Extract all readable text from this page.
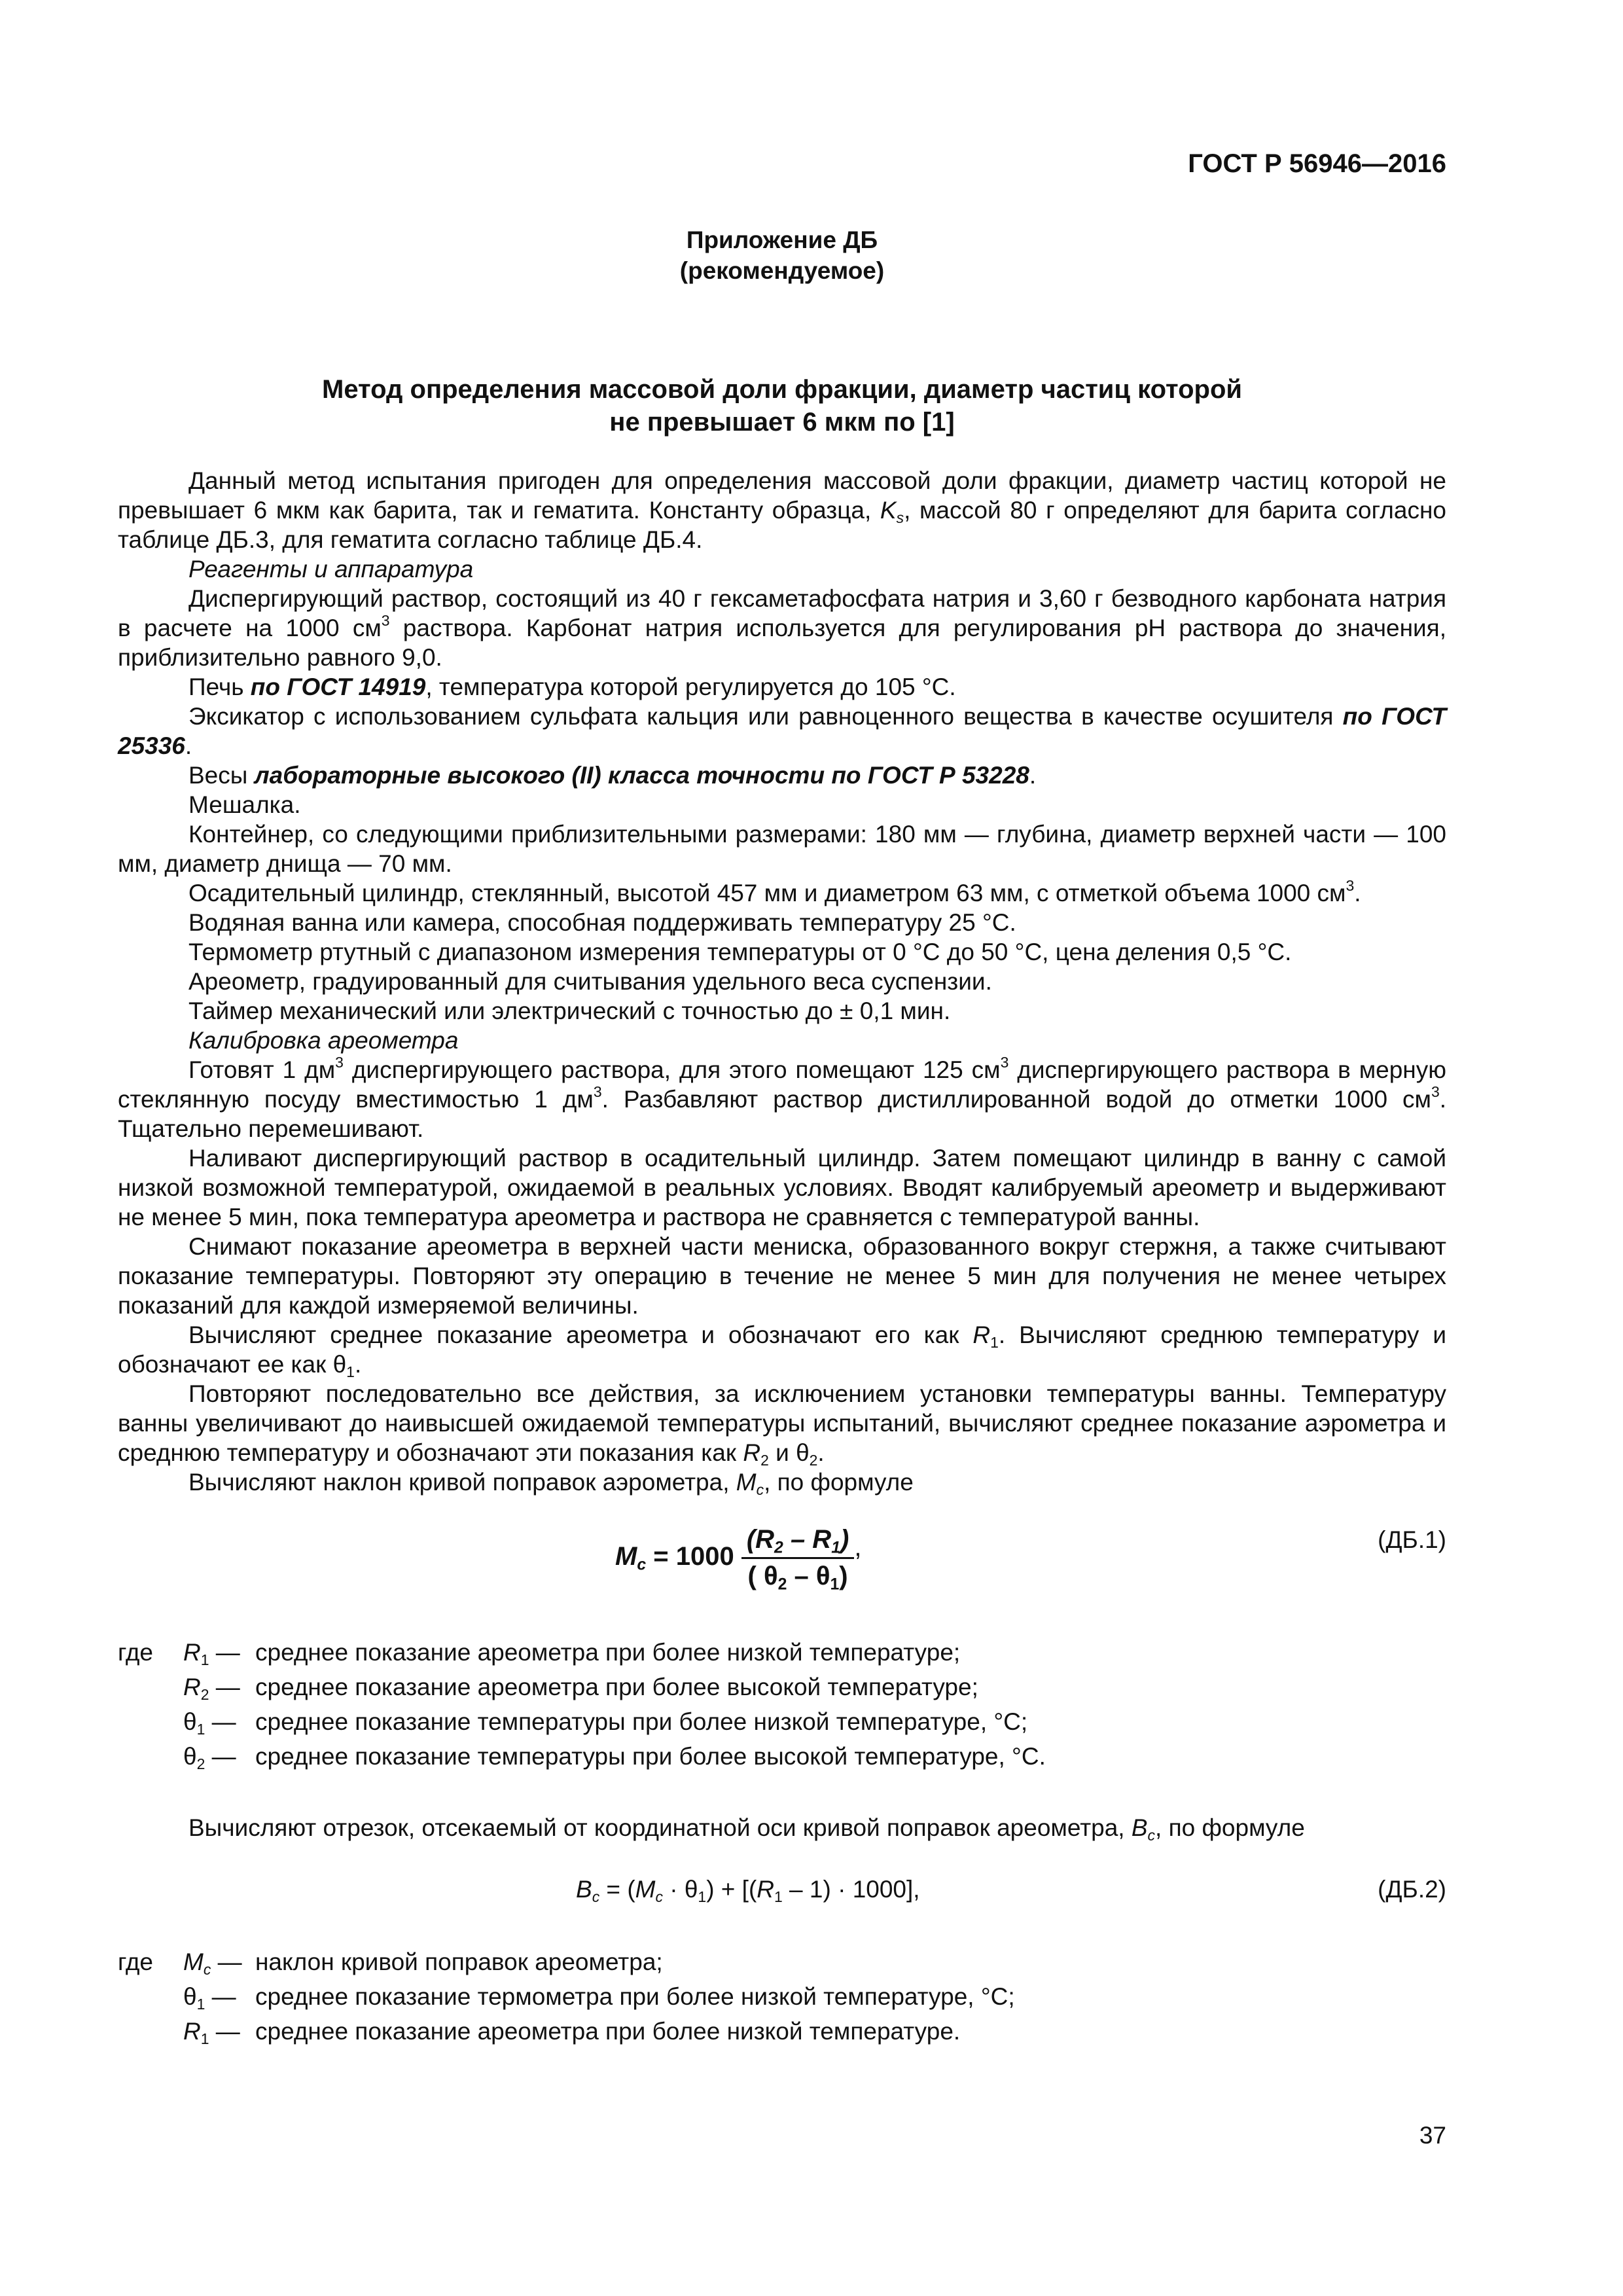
ГОСТ Р 56946—2016
Приложение ДБ
(рекомендуемое)
Метод определения массовой доли фракции, диаметр частиц которой
не превышает 6 мкм по [1]

Данный метод испытания пригоден для определения массовой доли фракции, диаметр частиц которой не превышает 6 мкм как барита, так и гематита. Константу образца, $K_s$, массой 80 г определяют для барита согласно таблице ДБ.3, для гематита согласно таблице ДБ.4.

Реагенты и аппаратура

Диспергирующий раствор, состоящий из 40 г гексаметафосфата натрия и 3,60 г безводного карбоната натрия в расчете на 1000 $см^3$ раствора. Карбонат натрия используется для регулирования pH раствора до значения, приблизительно равного 9,0.

Печь по ГОСТ 14919, температура которой регулируется до 105 °С.

Эксикатор с использованием сульфата кальция или равноценного вещества в качестве осушителя по ГОСТ 25336.

Весы лабораторные высокого (II) класса точности по ГОСТ Р 53228.

Мешалка.

Контейнер, со следующими приблизительными размерами: 180 мм — глубина, диаметр верхней части — 100 мм, диаметр днища — 70 мм.

Осадительный цилиндр, стеклянный, высотой 457 мм и диаметром 63 мм, с отметкой объема 1000 $см^3$.

Водяная ванна или камера, способная поддерживать температуру 25 °С.

Термометр ртутный с диапазоном измерения температуры от 0 °С до 50 °С, цена деления 0,5 °С.

Ареометр, градуированный для считывания удельного веса суспензии.

Таймер механический или электрический с точностью до ± 0,1 мин.

Калибровка ареометра

Готовят 1 $дм^3$ диспергирующего раствора, для этого помещают 125 $см^3$ диспергирующего раствора в мерную стеклянную посуду вместимостью 1 $дм^3$. Разбавляют раствор дистиллированной водой до отметки 1000 $см^3$. Тщательно перемешивают.

Наливают диспергирующий раствор в осадительный цилиндр. Затем помещают цилиндр в ванну с самой низкой возможной температурой, ожидаемой в реальных условиях. Вводят калибруемый ареометр и выдерживают не менее 5 мин, пока температура ареометра и раствора не сравняется с температурой ванны.

Снимают показание ареометра в верхней части мениска, образованного вокруг стержня, а также считывают показание температуры. Повторяют эту операцию в течение не менее 5 мин для получения не менее четырех показаний для каждой измеряемой величины.

Вычисляют среднее показание ареометра и обозначают его как $R_1$. Вычисляют среднюю температуру и обозначают ее как $\theta_1$.

Повторяют последовательно все действия, за исключением установки температуры ванны. Температуру ванны увеличивают до наивысшей ожидаемой температуры испытаний, вычисляют среднее показание аэрометра и среднюю температуру и обозначают эти показания как $R_2$ и $\theta_2$.

Вычисляют наклон кривой поправок аэрометра, $M_c$, по формуле

$M_c = 1000 \frac{(R_2 - R_1)}{( \theta_2 - \theta_1)}$ ,	(ДБ.1)
где $R_1$ — среднее показание ареометра при более низкой температуре;
$R_2$ — среднее показание ареометра при более высокой температуре;
$\theta_1$ — среднее показание температуры при более низкой температуре, °С;
$\theta_2$ — среднее показание температуры при более высокой температуре, °С.
Вычисляют отрезок, отсекаемый от координатной оси кривой поправок ареометра, $B_c$, по формуле
$B_c = (M_c \cdot \theta_1) + [(R_1 - 1) \cdot 1000]$,	(ДБ.2)
где $M_c$ — наклон кривой поправок ареометра;
$\theta_1$ — среднее показание термометра при более низкой температуре, °С;
$R_1$ — среднее показание ареометра при более низкой температуре.
37
